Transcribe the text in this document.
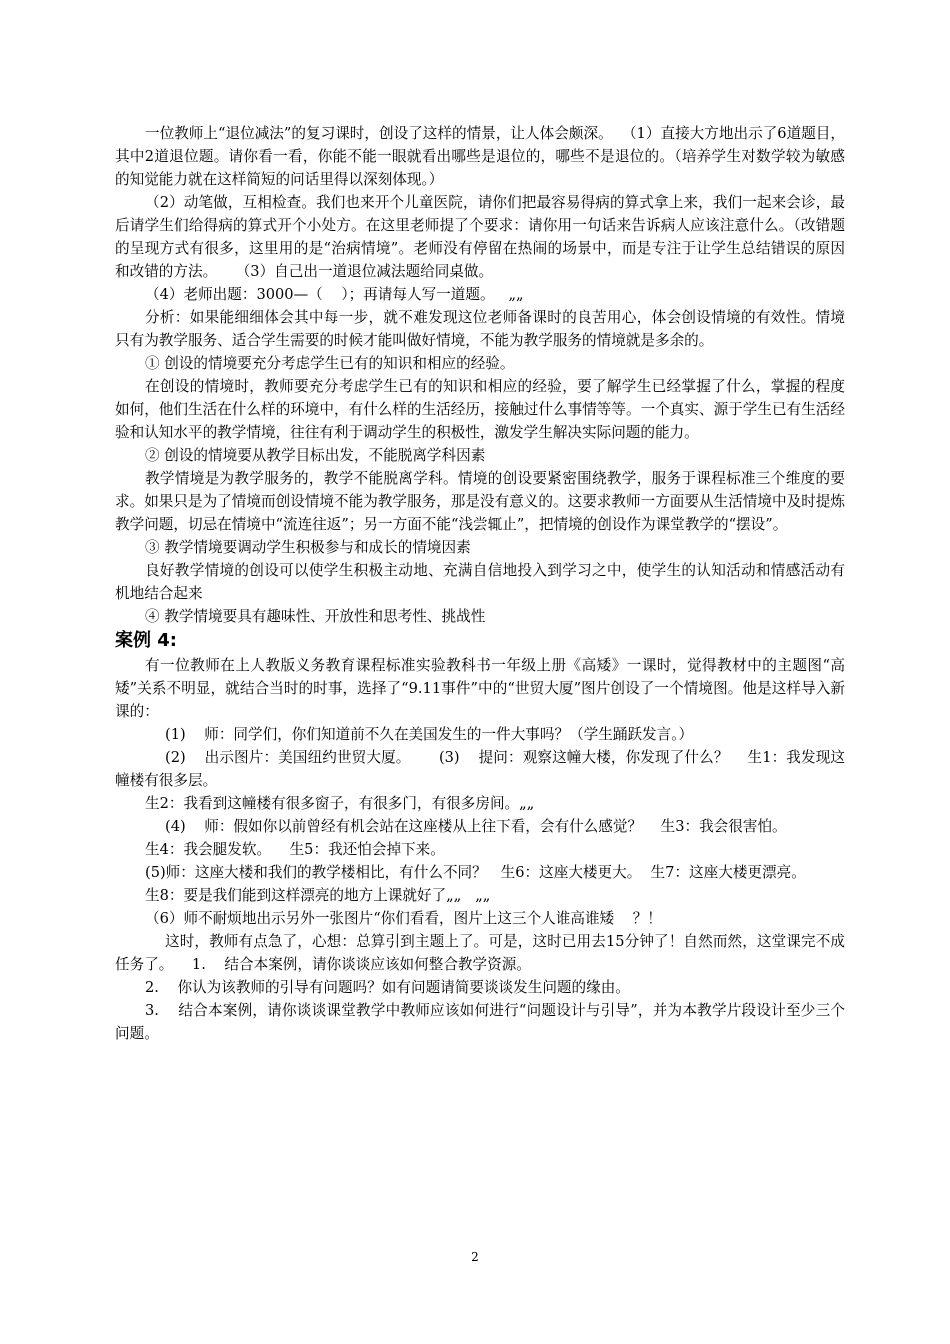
一位教师上“退位减法”的复习课时，创设了这样的情景，让人体会颇深。  （1）直接大方地出示了6道题目，其中2道退位题。请你看一看，你能不能一眼就看出哪些是退位的，哪些不是退位的。（培养学生对数学较为敏感的知觉能力就在这样简短的问话里得以深刻体现。）

（2）动笔做，互相检查。我们也来开个儿童医院，请你们把最容易得病的算式拿上来，我们一起来会诊，最后请学生们给得病的算式开个小处方。在这里老师提了个要求：请你用一句话来告诉病人应该注意什么。（改错题的呈现方式有很多，这里用的是“治病情境”。老师没有停留在热闹的场景中，而是专注于让学生总结错误的原因和改错的方法。    （3）自己出一道退位减法题给同桌做。

（4）老师出题：3000—（    ）；再请每人写一道题。   „„

分析：如果能细细体会其中每一步，就不难发现这位老师备课时的良苦用心，体会创设情境的有效性。情境只有为教学服务、适合学生需要的时候才能叫做好情境，不能为教学服务的情境就是多余的。

① 创设的情境要充分考虑学生已有的知识和相应的经验。

在创设的情境时，教师要充分考虑学生已有的知识和相应的经验，要了解学生已经掌握了什么，掌握的程度如何，他们生活在什么样的环境中，有什么样的生活经历，接触过什么事情等等。一个真实、源于学生已有生活经验和认知水平的教学情境，往往有利于调动学生的积极性，激发学生解决实际问题的能力。

② 创设的情境要从教学目标出发，不能脱离学科因素

教学情境是为教学服务的，教学不能脱离学科。情境的创设要紧密围绕教学，服务于课程标准三个维度的要求。如果只是为了情境而创设情境不能为教学服务，那是没有意义的。这要求教师一方面要从生活情境中及时提炼教学问题，切忌在情境中“流连往返”；另一方面不能“浅尝辄止”，把情境的创设作为课堂教学的“摆设”。

③ 教学情境要调动学生积极参与和成长的情境因素

良好教学情境的创设可以使学生积极主动地、充满自信地投入到学习之中，使学生的认知活动和情感活动有机地结合起来

④ 教学情境要具有趣味性、开放性和思考性、挑战性

案例 4:

有一位教师在上人教版义务教育课程标准实验教科书一年级上册《高矮》一课时，觉得教材中的主题图“高矮”关系不明显，就结合当时的时事，选择了“9.11事件”中的“世贸大厦”图片创设了一个情境图。他是这样导入新课的：

(1)    师：同学们，你们知道前不久在美国发生的一件大事吗？（学生踊跃发言。）

(2)    出示图片：美国纽约世贸大厦。      (3)    提问：观察这幢大楼，你发现了什么？    生1：我发现这幢楼有很多层。

生2：我看到这幢楼有很多窗子，有很多门，有很多房间。„„

(4)    师：假如你以前曾经有机会站在这座楼从上往下看，会有什么感觉？    生3：我会很害怕。

生4：我会腿发软。    生5：我还怕会掉下来。

(5)师：这座大楼和我们的教学楼相比，有什么不同？   生6：这座大楼更大。  生7：这座大楼更漂亮。

生8：要是我们能到这样漂亮的地方上课就好了„„   „„

（6）师不耐烦地出示另外一张图片“你们看看，图片上这三个人谁高谁矮    ？！

这时，教师有点急了，心想：总算引到主题上了。可是，这时已用去15分钟了！自然而然，这堂课完不成任务了。    1.    结合本案例，请你谈谈应该如何整合教学资源。

2.    你认为该教师的引导有问题吗？如有问题请简要谈谈发生问题的缘由。

3.    结合本案例，请你谈谈课堂教学中教师应该如何进行“问题设计与引导”，并为本教学片段设计至少三个问题。

2
